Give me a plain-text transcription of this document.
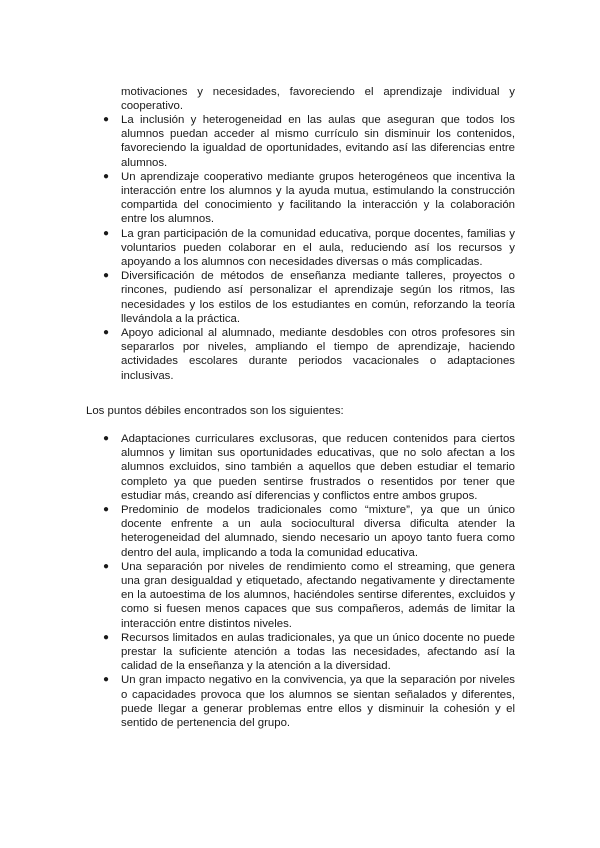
motivaciones y necesidades, favoreciendo el aprendizaje individual y cooperativo.

● La inclusión y heterogeneidad en las aulas que aseguran que todos los alumnos puedan acceder al mismo currículo sin disminuir los contenidos, favoreciendo la igualdad de oportunidades, evitando así las diferencias entre alumnos.
● Un aprendizaje cooperativo mediante grupos heterogéneos que incentiva la interacción entre los alumnos y la ayuda mutua, estimulando la construcción compartida del conocimiento y facilitando la interacción y la colaboración entre los alumnos.
● La gran participación de la comunidad educativa, porque docentes, familias y voluntarios pueden colaborar en el aula, reduciendo así los recursos y apoyando a los alumnos con necesidades diversas o más complicadas.
● Diversificación de métodos de enseñanza mediante talleres, proyectos o rincones, pudiendo así personalizar el aprendizaje según los ritmos, las necesidades y los estilos de los estudiantes en común, reforzando la teoría llevándola a la práctica.
● Apoyo adicional al alumnado, mediante desdobles con otros profesores sin separarlos por niveles, ampliando el tiempo de aprendizaje, haciendo actividades escolares durante periodos vacacionales o adaptaciones inclusivas.

Los puntos débiles encontrados son los siguientes:

● Adaptaciones curriculares exclusoras, que reducen contenidos para ciertos alumnos y limitan sus oportunidades educativas, que no solo afectan a los alumnos excluidos, sino también a aquellos que deben estudiar el temario completo ya que pueden sentirse frustrados o resentidos por tener que estudiar más, creando así diferencias y conflictos entre ambos grupos.
● Predominio de modelos tradicionales como “mixture”, ya que un único docente enfrente a un aula sociocultural diversa dificulta atender la heterogeneidad del alumnado, siendo necesario un apoyo tanto fuera como dentro del aula, implicando a toda la comunidad educativa.
● Una separación por niveles de rendimiento como el streaming, que genera una gran desigualdad y etiquetado, afectando negativamente y directamente en la autoestima de los alumnos, haciéndoles sentirse diferentes, excluidos y como si fuesen menos capaces que sus compañeros, además de limitar la interacción entre distintos niveles.
● Recursos limitados en aulas tradicionales, ya que un único docente no puede prestar la suficiente atención a todas las necesidades, afectando así la calidad de la enseñanza y la atención a la diversidad.
● Un gran impacto negativo en la convivencia, ya que la separación por niveles o capacidades provoca que los alumnos se sientan señalados y diferentes, puede llegar a generar problemas entre ellos y disminuir la cohesión y el sentido de pertenencia del grupo.
